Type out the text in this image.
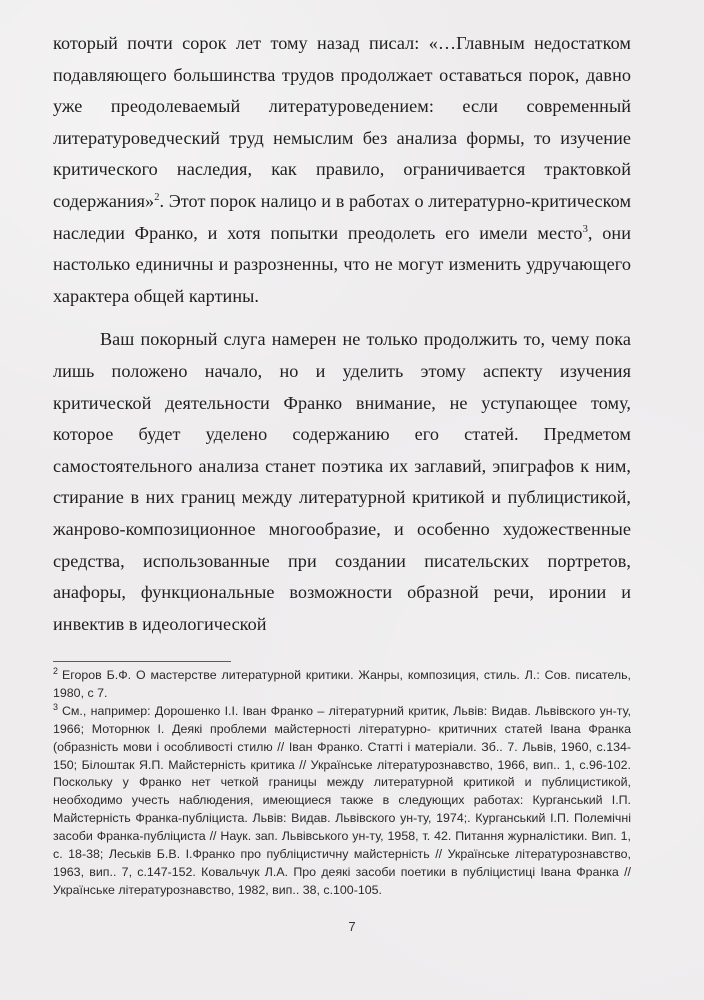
который почти сорок лет тому назад писал: «…Главным недостатком подавляющего большинства трудов продолжает оставаться порок, давно уже преодолеваемый литературоведением: если современный литературоведческий труд немыслим без анализа формы, то изучение критического наследия, как правило, ограничивается трактовкой содержания»$^2$. Этот порок налицо и в работах о литературно-критическом наследии Франко, и хотя попытки преодолеть его имели место$^3$, они настолько единичны и разрозненны, что не могут изменить удручающего характера общей картины.

Ваш покорный слуга намерен не только продолжить то, чему пока лишь положено начало, но и уделить этому аспекту изучения критической деятельности Франко внимание, не уступающее тому, которое будет уделено содержанию его статей. Предметом самостоятельного анализа станет поэтика их заглавий, эпиграфов к ним, стирание в них границ между литературной критикой и публицистикой, жанрово-композиционное многообразие, и особенно художественные средства, использованные при создании писательских портретов, анафоры, функциональные возможности образной речи, иронии и инвектив в идеологической

$^2$ Егоров Б.Ф. О мастерстве литературной критики. Жанры, композиция, стиль. Л.: Сов. писатель, 1980, с 7.

$^3$ См., например: Дорошенко І.І. Іван Франко – літературний критик, Львів: Видав. Львівского ун-ту, 1966; Моторнюк І. Деякі проблеми майстерності літературно- критичних статей Івана Франка (образність мови і особливості стилю // Іван Франко. Статті і матеріали. Зб.. 7. Львів, 1960, с.134-150; Білоштак Я.П. Майстерність критика // Українське літературознавство, 1966, вип.. 1, с.96-102. Поскольку у Франко нет четкой границы между литературной критикой и публицистикой, необходимо учесть наблюдения, имеющиеся также в следующих работах: Курганський І.П. Майстерність Франка-публіциста. Львів: Видав. Львівского ун-ту, 1974;. Курганський І.П. Полемічні засоби Франка-публіциста // Наук. зап. Львівського ун-ту, 1958, т. 42. Питання журналістики. Вип. 1, с. 18-38; Леськів Б.В. І.Франко про публіцистичну майстерність // Українське літературознавство, 1963, вип.. 7, с.147-152. Ковальчук Л.А. Про деякі засоби поетики в публіцистиці Івана Франка //Українське літературознавство, 1982, вип.. 38, с.100-105.

7
